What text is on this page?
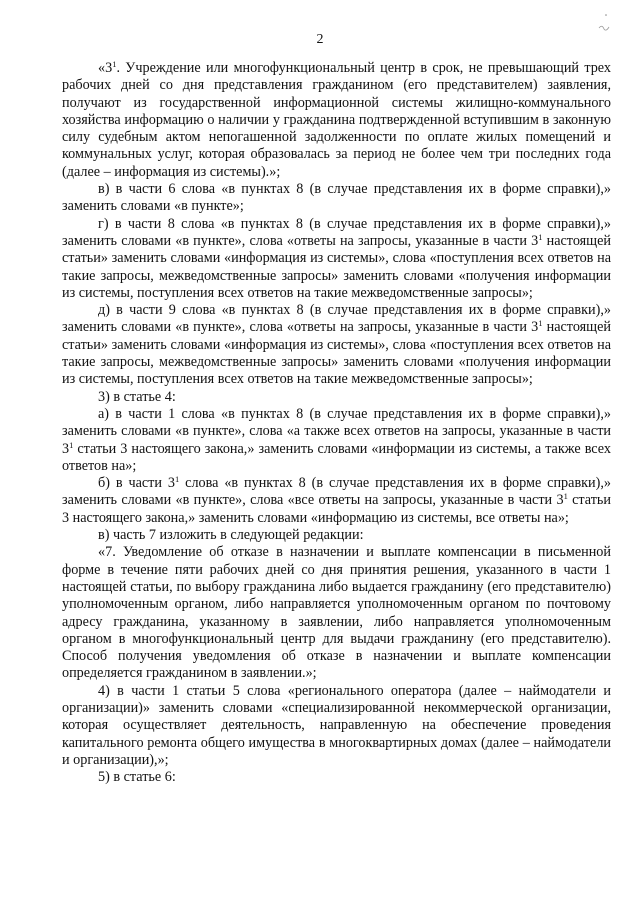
2

«$3^1$. Учреждение или многофункциональный центр в срок, не превышающий трех рабочих дней со дня представления гражданином (его представителем) заявления, получают из государственной информационной системы жилищно-коммунального хозяйства информацию о наличии у гражданина подтвержденной вступившим в законную силу судебным актом непогашенной задолженности по оплате жилых помещений и коммунальных услуг, которая образовалась за период не более чем три последних года (далее – информация из системы).»;

в) в части 6 слова «в пунктах 8 (в случае представления их в форме справки),» заменить словами «в пункте»;

г) в части 8 слова «в пунктах 8 (в случае представления их в форме справки),» заменить словами «в пункте», слова «ответы на запросы, указанные в части $3^1$ настоящей статьи» заменить словами «информация из системы», слова «поступления всех ответов на такие запросы, межведомственные запросы» заменить словами «получения информации из системы, поступления всех ответов на такие межведомственные запросы»;

д) в части 9 слова «в пунктах 8 (в случае представления их в форме справки),» заменить словами «в пункте», слова «ответы на запросы, указанные в части $3^1$ настоящей статьи» заменить словами «информация из системы», слова «поступления всех ответов на такие запросы, межведомственные запросы» заменить словами «получения информации из системы, поступления всех ответов на такие межведомственные запросы»;

3) в статье 4:

а) в части 1 слова «в пунктах 8 (в случае представления их в форме справки),» заменить словами «в пункте», слова «а также всех ответов на запросы, указанные в части $3^1$ статьи 3 настоящего закона,» заменить словами «информации из системы, а также всех ответов на»;

б) в части $3^1$ слова «в пунктах 8 (в случае представления их в форме справки),» заменить словами «в пункте», слова «все ответы на запросы, указанные в части $3^1$ статьи 3 настоящего закона,» заменить словами «информацию из системы, все ответы на»;

в) часть 7 изложить в следующей редакции:

«7. Уведомление об отказе в назначении и выплате компенсации в письменной форме в течение пяти рабочих дней со дня принятия решения, указанного в части 1 настоящей статьи, по выбору гражданина либо выдается гражданину (его представителю) уполномоченным органом, либо направляется уполномоченным органом по почтовому адресу гражданина, указанному в заявлении, либо направляется уполномоченным органом в многофункциональный центр для выдачи гражданину (его представителю). Способ получения уведомления об отказе в назначении и выплате компенсации определяется гражданином в заявлении.»;

4) в части 1 статьи 5 слова «регионального оператора (далее – наймодатели и организации)» заменить словами «специализированной некоммерческой организации, которая осуществляет деятельность, направленную на обеспечение проведения капитального ремонта общего имущества в многоквартирных домах (далее – наймодатели и организации),»;

5) в статье 6:
